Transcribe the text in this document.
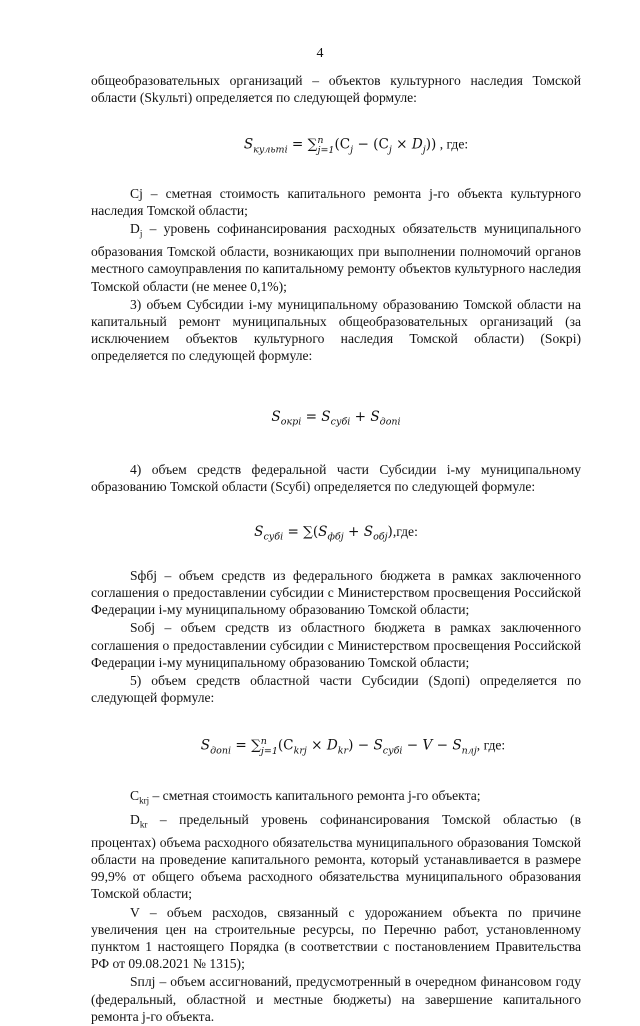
4

общеобразовательных организаций – объектов культурного наследия Томской области (Skyльтi) определяется по следующей формуле:

$S_{культі} = \sum^n_{j=1}(C_j - (C_j \times D_j))$ , где:

Cj – сметная стоимость капитального ремонта j-го объекта культурного наследия Томской области;

$D_j$ – уровень софинансирования расходных обязательств муниципального образования Томской области, возникающих при выполнении полномочий органов местного самоуправления по капитальному ремонту объектов культурного наследия Томской области (не менее 0,1%);

3) объем Субсидии i-му муниципальному образованию Томской области на капитальный ремонт муниципальных общеобразовательных организаций (за исключением объектов культурного наследия Томской области) (Sокрi) определяется по следующей формуле:

$S_{окрі} = S_{субі} + S_{допі}$

4) объем средств федеральной части Субсидии i-му муниципальному образованию Томской области (Sсубi) определяется по следующей формуле:

$S_{субі} = \sum(S_{фбj} + S_{обj}),где$:

Sфбj – объем средств из федерального бюджета в рамках заключенного соглашения о предоставлении субсидии с Министерством просвещения Российской Федерации i-му муниципальному образованию Томской области;

Sобj – объем средств из областного бюджета в рамках заключенного соглашения о предоставлении субсидии с Министерством просвещения Российской Федерации i-му муниципальному образованию Томской области;

5) объем средств областной части Субсидии (Sдопi) определяется по следующей формуле:

$S_{допі} = \sum^n_{j=1}(C_{krj} \times D_{kr}) - S_{субі} - V - S_{плj}$, где:

$C_{krj}$ – сметная стоимость капитального ремонта j-го объекта;

$D_{kr}$ – предельный уровень софинансирования Томской областью (в процентах) объема расходного обязательства муниципального образования Томской области на проведение капитального ремонта, который устанавливается в размере 99,9% от общего объема расходного обязательства муниципального образования Томской области;

V – объем расходов, связанный с удорожанием объекта по причине увеличения цен на строительные ресурсы, по Перечню работ, установленному пунктом 1 настоящего Порядка (в соответствии с постановлением Правительства РФ от 09.08.2021 № 1315);

Sплj – объем ассигнований, предусмотренный в очередном финансовом году (федеральный, областной и местные бюджеты) на завершение капитального ремонта j-го объекта.
